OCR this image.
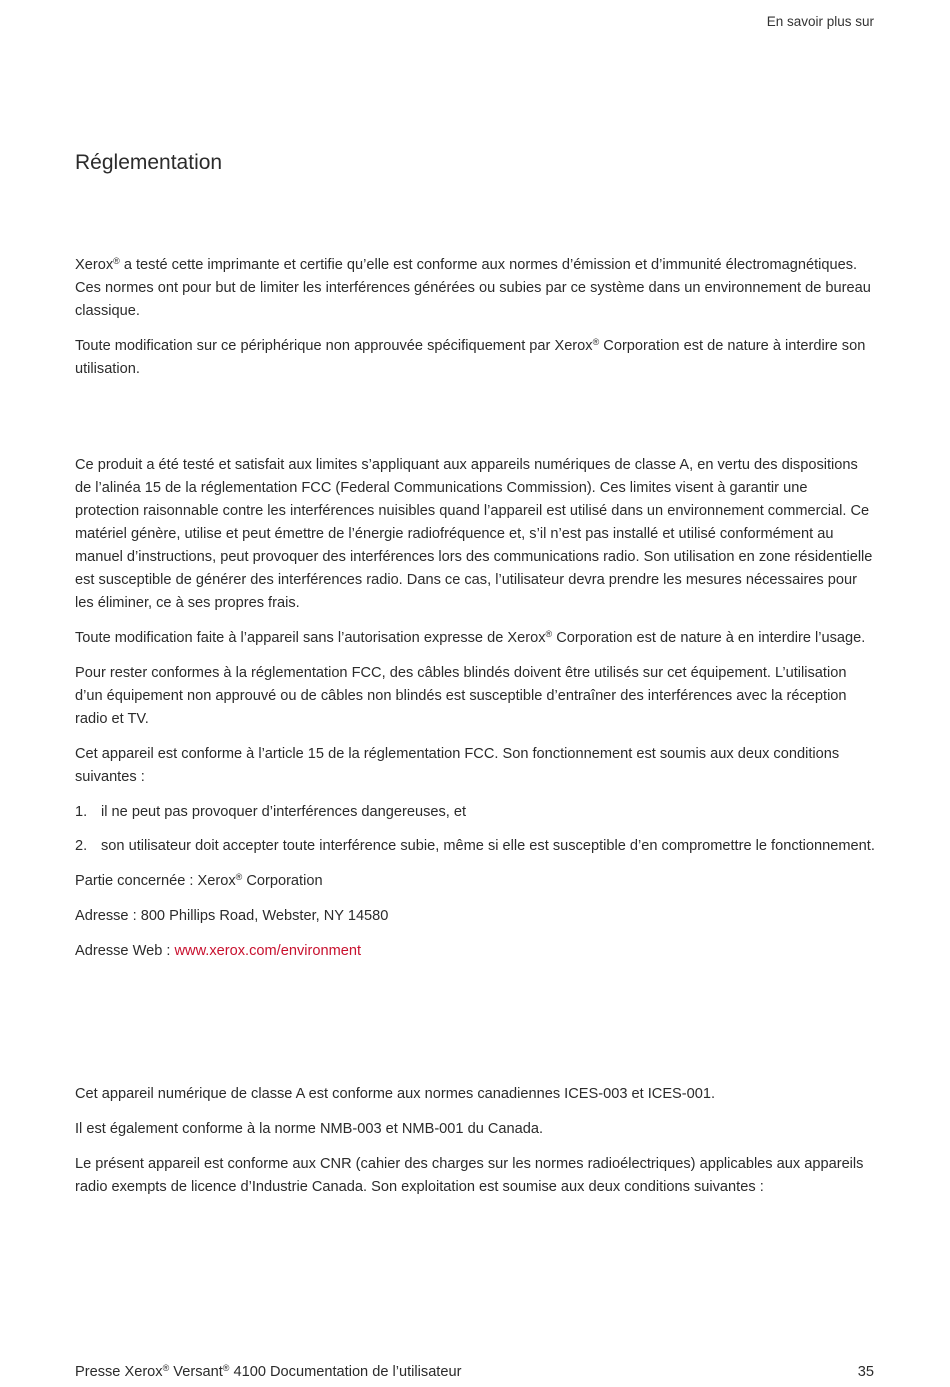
En savoir plus sur
Réglementation

Xerox® a testé cette imprimante et certifie qu’elle est conforme aux normes d’émission et d’immunité électromagnétiques. Ces normes ont pour but de limiter les interférences générées ou subies par ce système dans un environnement de bureau classique.

Toute modification sur ce périphérique non approuvée spécifiquement par Xerox® Corporation est de nature à interdire son utilisation.

Ce produit a été testé et satisfait aux limites s’appliquant aux appareils numériques de classe A, en vertu des dispositions de l’alinéa 15 de la réglementation FCC (Federal Communications Commission). Ces limites visent à garantir une protection raisonnable contre les interférences nuisibles quand l’appareil est utilisé dans un environnement commercial. Ce matériel génère, utilise et peut émettre de l’énergie radiofréquence et, s’il n’est pas installé et utilisé conformément au manuel d’instructions, peut provoquer des interférences lors des communications radio. Son utilisation en zone résidentielle est susceptible de générer des interférences radio. Dans ce cas, l’utilisateur devra prendre les mesures nécessaires pour les éliminer, ce à ses propres frais.

Toute modification faite à l’appareil sans l’autorisation expresse de Xerox® Corporation est de nature à en interdire l’usage.

Pour rester conformes à la réglementation FCC, des câbles blindés doivent être utilisés sur cet équipement. L’utilisation d’un équipement non approuvé ou de câbles non blindés est susceptible d’entraîner des interférences avec la réception radio et TV.

Cet appareil est conforme à l’article 15 de la réglementation FCC. Son fonctionnement est soumis aux deux conditions suivantes :

1. il ne peut pas provoquer d’interférences dangereuses, et
2. son utilisateur doit accepter toute interférence subie, même si elle est susceptible d’en compromettre le fonctionnement.

Partie concernée : Xerox® Corporation

Adresse : 800 Phillips Road, Webster, NY 14580

Adresse Web : www.xerox.com/environment

Cet appareil numérique de classe A est conforme aux normes canadiennes ICES-003 et ICES-001.

Il est également conforme à la norme NMB-003 et NMB-001 du Canada.

Le présent appareil est conforme aux CNR (cahier des charges sur les normes radioélectriques) applicables aux appareils radio exempts de licence d’Industrie Canada. Son exploitation est soumise aux deux conditions suivantes :

Presse Xerox® Versant® 4100 Documentation de l’utilisateur	35
